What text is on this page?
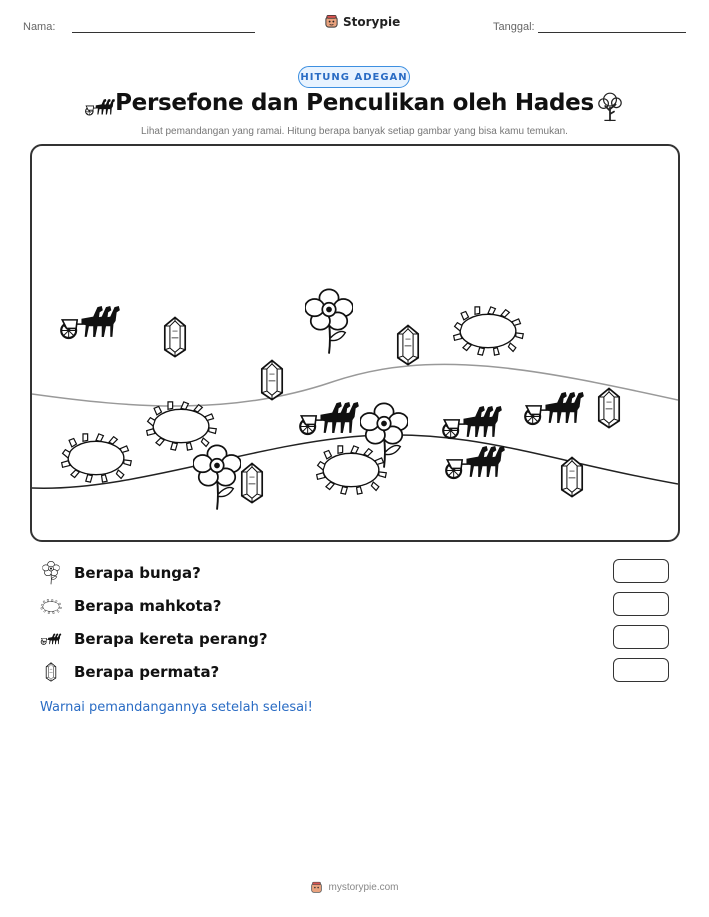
Nama:	Storypie	Tanggal:
HITUNG ADEGAN
Persefone dan Penculikan oleh Hades
Lihat pemandangan yang ramai. Hitung berapa banyak setiap gambar yang bisa kamu temukan.
Berapa bunga?
Berapa mahkota?
Berapa kereta perang?
Berapa permata?
Warnai pemandangannya setelah selesai!
mystorypie.com
